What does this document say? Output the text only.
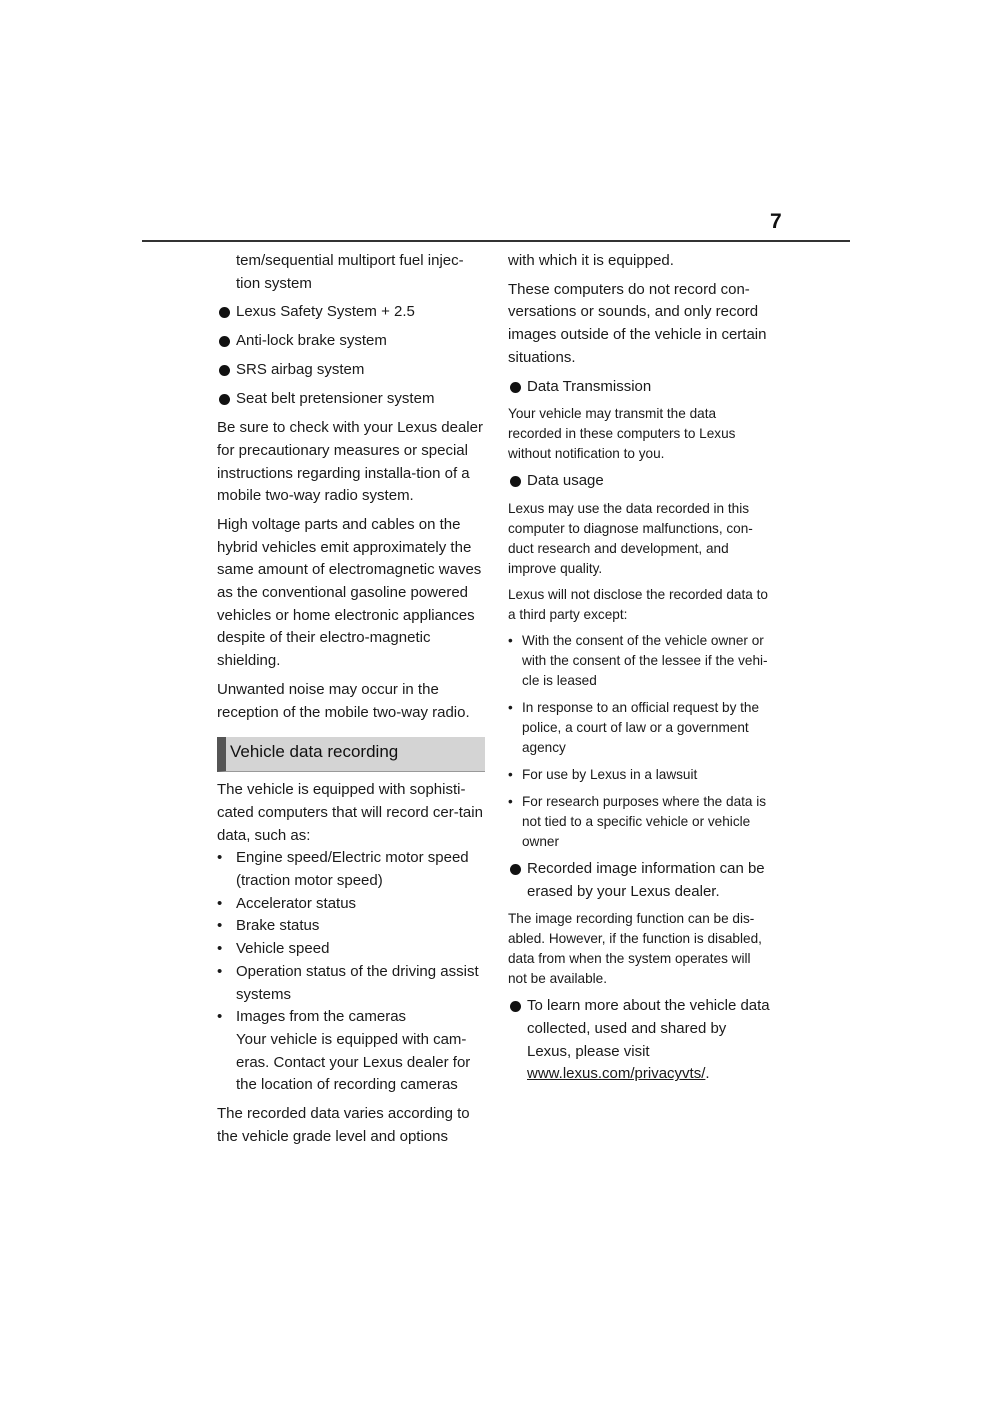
7
tem/sequential multiport fuel injec-
tion system
Lexus Safety System + 2.5
Anti-lock brake system
SRS airbag system
Seat belt pretensioner system

Be sure to check with your Lexus dealer for precautionary measures or special instructions regarding installa-tion of a mobile two-way radio system.

High voltage parts and cables on the hybrid vehicles emit approximately the same amount of electromagnetic waves as the conventional gasoline powered vehicles or home electronic appliances despite of their electro-magnetic shielding.

Unwanted noise may occur in the reception of the mobile two-way radio.

Vehicle data recording

The vehicle is equipped with sophisti-cated computers that will record cer-tain data, such as:

• Engine speed/Electric motor speed (traction motor speed)
• Accelerator status
• Brake status
• Vehicle speed
• Operation status of the driving assist systems
• Images from the cameras
Your vehicle is equipped with cam-eras. Contact your Lexus dealer for the location of recording cameras

The recorded data varies according to the vehicle grade level and options

with which it is equipped.

These computers do not record con-versations or sounds, and only record images outside of the vehicle in certain situations.

Data Transmission

Your vehicle may transmit the data recorded in these computers to Lexus without notification to you.

Data usage

Lexus may use the data recorded in this computer to diagnose malfunctions, con-duct research and development, and improve quality.

Lexus will not disclose the recorded data to a third party except:

• With the consent of the vehicle owner or with the consent of the lessee if the vehi-cle is leased
• In response to an official request by the police, a court of law or a government agency
• For use by Lexus in a lawsuit
• For research purposes where the data is not tied to a specific vehicle or vehicle owner
Recorded image information can be erased by your Lexus dealer.

The image recording function can be dis-abled. However, if the function is disabled, data from when the system operates will not be available.

To learn more about the vehicle data collected, used and shared by Lexus, please visit www.lexus.com/privacyvts/.
